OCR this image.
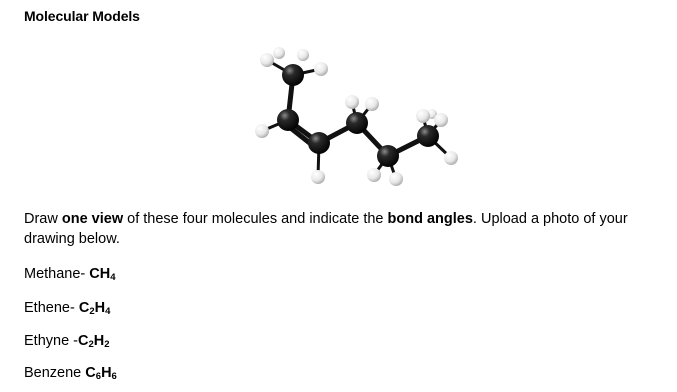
Molecular Models
Draw one view of these four molecules and indicate the bond angles. Upload a photo of your drawing below.
Methane- $CH_4$
Ethene- $C_2H_4$
Ethyne $-C_2H_2$
Benzene $C_6H_6$
